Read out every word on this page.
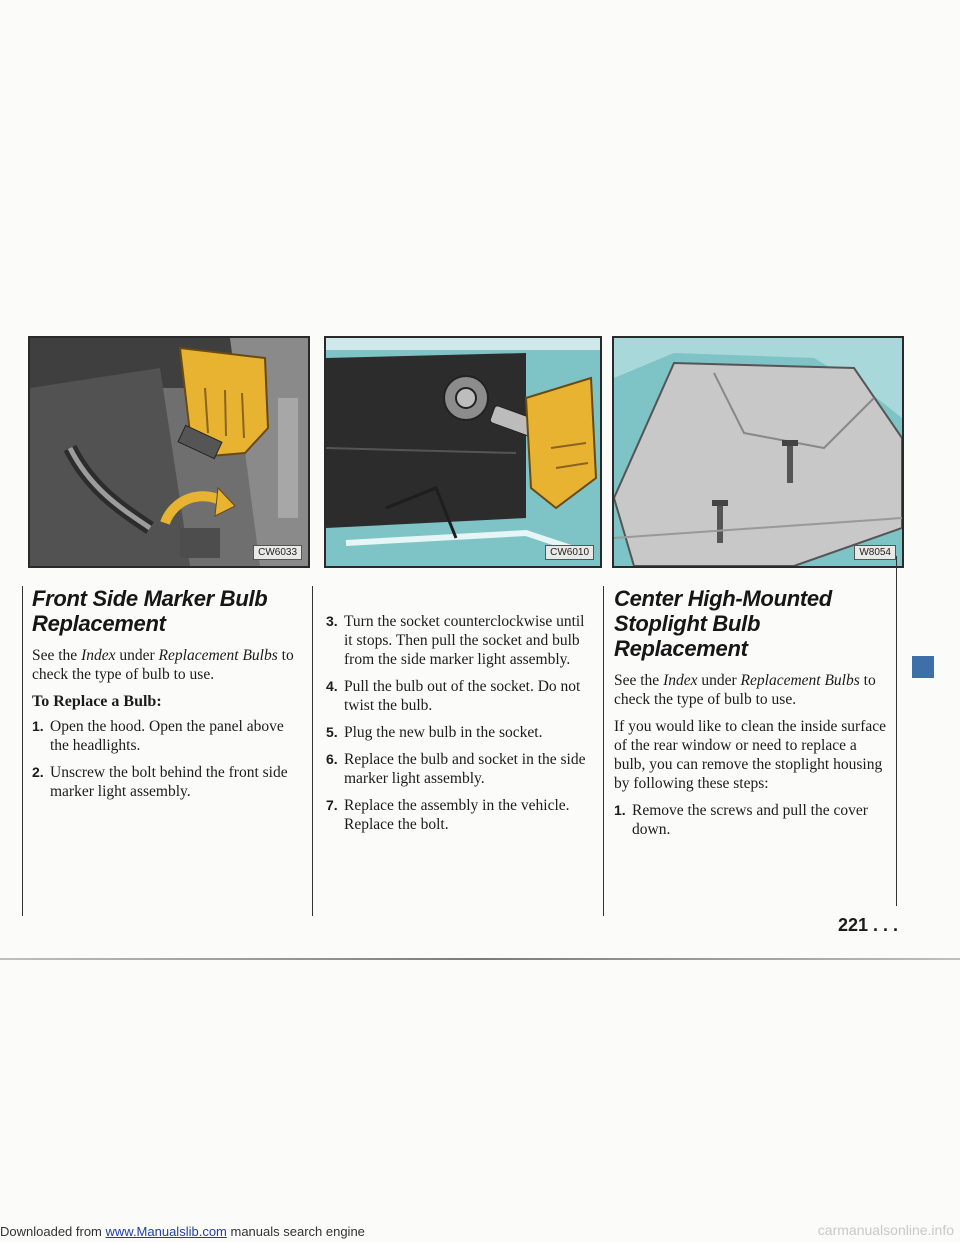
CW6033	CW6010	W8054
Front Side Marker Bulb Replacement

See the Index under Replacement Bulbs to check the type of bulb to use.

To Replace a Bulb:

1. Open the hood. Open the panel above the headlights.
2. Unscrew the bolt behind the front side marker light assembly.
3. Turn the socket counterclockwise until it stops. Then pull the socket and bulb from the side marker light assembly.
4. Pull the bulb out of the socket. Do not twist the bulb.
5. Plug the new bulb in the socket.
6. Replace the bulb and socket in the side marker light assembly.
7. Replace the assembly in the vehicle. Replace the bolt.
Center High-Mounted Stoplight Bulb Replacement

See the Index under Replacement Bulbs to check the type of bulb to use.

If you would like to clean the inside surface of the rear window or need to replace a bulb, you can remove the stoplight housing by following these steps:

1. Remove the screws and pull the cover down.
221 . . .
Downloaded from www.Manualslib.com manuals search engine	carmanualsonline.info
